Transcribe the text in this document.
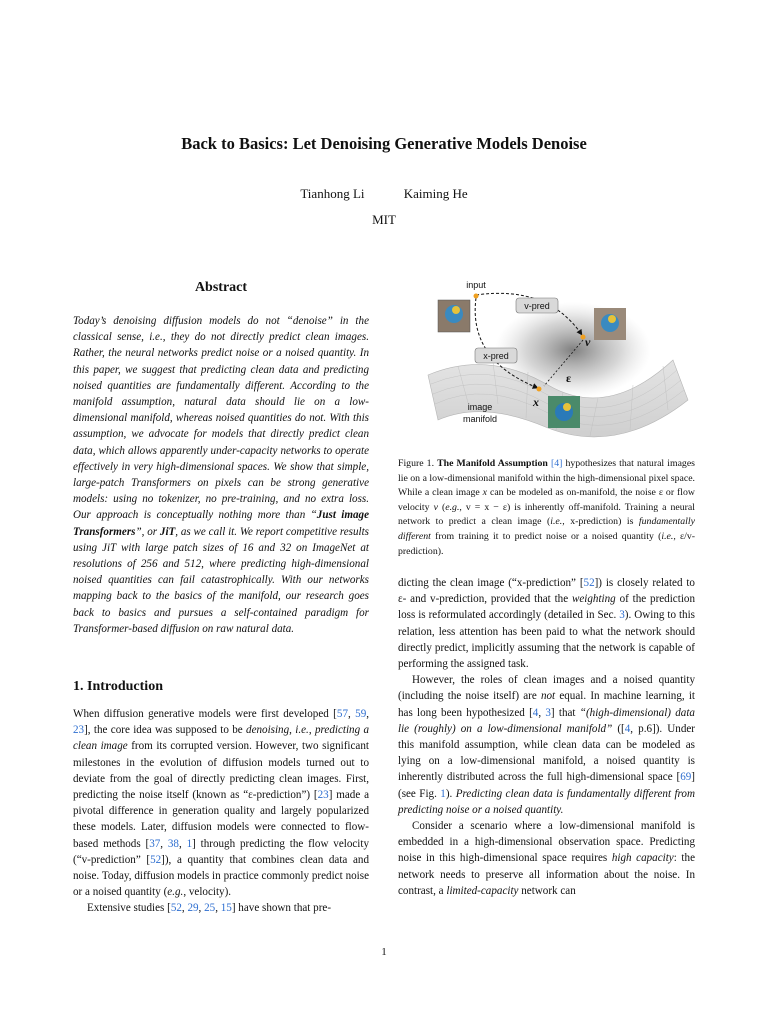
Back to Basics: Let Denoising Generative Models Denoise
Tianhong Li	Kaiming He
MIT
Abstract
Today’s denoising diffusion models do not “denoise” in the classical sense, i.e., they do not directly predict clean images. Rather, the neural networks predict noise or a noised quantity. In this paper, we suggest that predicting clean data and predicting noised quantities are fundamentally different. According to the manifold assumption, natural data should lie on a low-dimensional manifold, whereas noised quantities do not. With this assumption, we advocate for models that directly predict clean data, which allows apparently under-capacity networks to operate effectively in very high-dimensional spaces. We show that simple, large-patch Transformers on pixels can be strong generative models: using no tokenizer, no pre-training, and no extra loss. Our approach is conceptually nothing more than “Just image Transformers”, or JiT, as we call it. We report competitive results using JiT with large patch sizes of 16 and 32 on ImageNet at resolutions of 256 and 512, where predicting high-dimensional noised quantities can fail catastrophically. With our networks mapping back to the basics of the manifold, our research goes back to basics and pursues a self-contained paradigm for Transformer-based diffusion on raw natural data.
v-pred
x-pred
input
v
x
ε
image
manifold
Figure 1. The Manifold Assumption [4] hypothesizes that natural images lie on a low-dimensional manifold within the high-dimensional pixel space. While a clean image x can be modeled as on-manifold, the noise ε or flow velocity v (e.g., v = x − ε) is inherently off-manifold. Training a neural network to predict a clean image (i.e., x-prediction) is fundamentally different from training it to predict noise or a noised quantity (i.e., ε/v-prediction).
1. Introduction

When diffusion generative models were first developed [57, 59, 23], the core idea was supposed to be denoising, i.e., predicting a clean image from its corrupted version. However, two significant milestones in the evolution of diffusion models turned out to deviate from the goal of directly predicting clean images. First, predicting the noise itself (known as “ε-prediction”) [23] made a pivotal difference in generation quality and largely popularized these models. Later, diffusion models were connected to flow-based methods [37, 38, 1] through predicting the flow velocity (“v-prediction” [52]), a quantity that combines clean data and noise. Today, diffusion models in practice commonly predict noise or a noised quantity (e.g., velocity).

Extensive studies [52, 29, 25, 15] have shown that pre-

dicting the clean image (“x-prediction” [52]) is closely related to ε- and v-prediction, provided that the weighting of the prediction loss is reformulated accordingly (detailed in Sec. 3). Owing to this relation, less attention has been paid to what the network should directly predict, implicitly assuming that the network is capable of performing the assigned task.

However, the roles of clean images and a noised quantity (including the noise itself) are not equal. In machine learning, it has long been hypothesized [4, 3] that “(high-dimensional) data lie (roughly) on a low-dimensional manifold” ([4, p.6]). Under this manifold assumption, while clean data can be modeled as lying on a low-dimensional manifold, a noised quantity is inherently distributed across the full high-dimensional space [69] (see Fig. 1). Predicting clean data is fundamentally different from predicting noise or a noised quantity.

Consider a scenario where a low-dimensional manifold is embedded in a high-dimensional observation space. Predicting noise in this high-dimensional space requires high capacity: the network needs to preserve all information about the noise. In contrast, a limited-capacity network can

1
